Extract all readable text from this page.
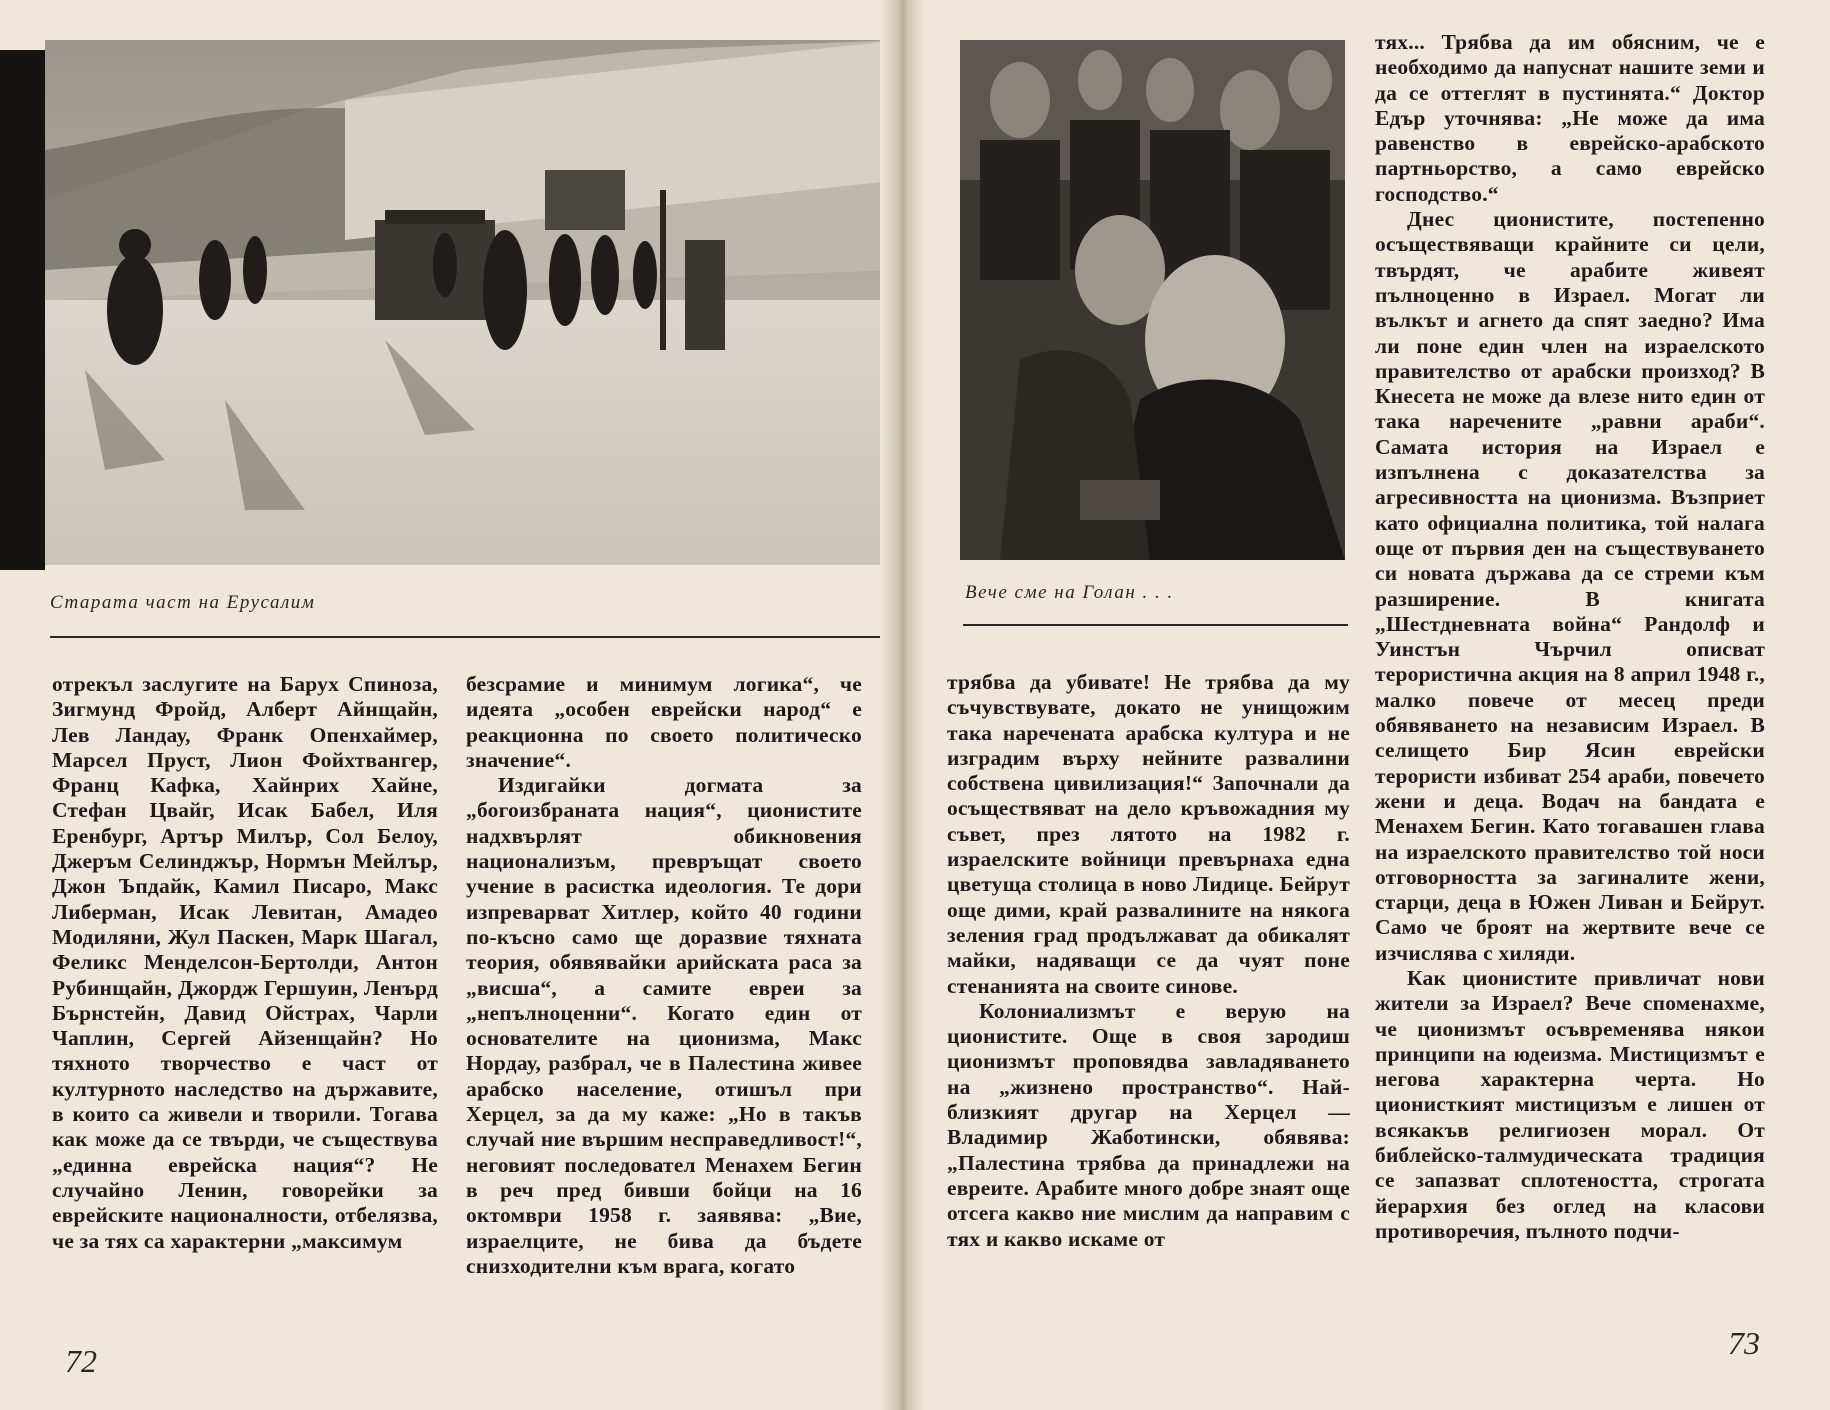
Старата част на Ерусалим

отрекъл заслугите на Барух Спиноза, Зигмунд Фройд, Алберт Айнщайн, Лев Ландау, Франк Опенхаймер, Марсел Пруст, Лион Фойхтвангер, Франц Кафка, Хайнрих Хайне, Стефан Цвайг, Исак Бабел, Иля Еренбург, Артър Милър, Сол Белоу, Джеръм Селинджър, Нормън Мейлър, Джон Ъпдайк, Камил Писаро, Макс Либерман, Исак Левитан, Амадео Модиляни, Жул Паскен, Марк Шагал, Феликс Менделсон-Бертолди, Антон Рубинщайн, Джордж Гершуин, Ленърд Бърнстейн, Давид Ойстрах, Чарли Чаплин, Сергей Айзенщайн? Но тяхното творчество е част от културното наследство на държавите, в които са живели и творили. Тогава как може да се твърди, че съществува „единна еврейска нация“? Не случайно Ленин, говорейки за еврейските националности, отбелязва, че за тях са характерни „максимум

безсрамие и минимум логика“, че идеята „особен еврейски народ“ е реакционна по своето политическо значение“.

Издигайки догмата за „богоизбраната нация“, ционистите надхвърлят обикновения национализъм, превръщат своето учение в расистка идеология. Те дори изпреварват Хитлер, който 40 години по-късно само ще доразвие тяхната теория, обявявайки арийската раса за „висша“, а самите евреи за „непълноценни“. Когато един от основателите на ционизма, Макс Нордау, разбрал, че в Палестина живее арабско население, отишъл при Херцел, за да му каже: „Но в такъв случай ние вършим несправедливост!“, неговият последовател Менахем Бегин в реч пред бивши бойци на 16 октомври 1958 г. заявява: „Вие, израелците, не бива да бъдете снизходителни към врага, когато

72
Вече сме на Голан . . .

трябва да убивате! Не трябва да му съчувствувате, докато не унищожим така наречената арабска култура и не изградим върху нейните развалини собствена цивилизация!“ Започнали да осъществяват на дело кръвожадния му съвет, през лятото на 1982 г. израелските войници превърнаха една цветуща столица в ново Лидице. Бейрут още дими, край развалините на някога зеления град продължават да обикалят майки, надяващи се да чуят поне стенанията на своите синове.

Колониализмът е верую на ционистите. Още в своя зародиш ционизмът проповядва завладяването на „жизнено пространство“. Най-близкият другар на Херцел — Владимир Жаботински, обявява: „Палестина трябва да принадлежи на евреите. Арабите много добре знаят още отсега какво ние мислим да направим с тях и какво искаме от

тях... Трябва да им обясним, че е необходимо да напуснат нашите земи и да се оттеглят в пустинята.“ Доктор Едър уточнява: „Не може да има равенство в еврейско-арабското партньорство, а само еврейско господство.“

Днес ционистите, постепенно осъществяващи крайните си цели, твърдят, че арабите живеят пълноценно в Израел. Могат ли вълкът и агнето да спят заедно? Има ли поне един член на израелското правителство от арабски произход? В Кнесета не може да влезе нито един от така наречените „равни араби“. Самата история на Израел е изпълнена с доказателства за агресивността на ционизма. Възприет като официална политика, той налага още от първия ден на съществуването си новата държава да се стреми към разширение. В книгата „Шестдневната война“ Рандолф и Уинстън Чърчил описват терористична акция на 8 април 1948 г., малко повече от месец преди обявяването на независим Израел. В селището Бир Ясин еврейски терористи избиват 254 араби, повечето жени и деца. Водач на бандата е Менахем Бегин. Като тогавашен глава на израелското правителство той носи отговорността за загиналите жени, старци, деца в Южен Ливан и Бейрут. Само че броят на жертвите вече се изчислява с хиляди.

Как ционистите привличат нови жители за Израел? Вече споменахме, че ционизмът осъвременява някои принципи на юдеизма. Мистицизмът е негова характерна черта. Но ционисткият мистицизъм е лишен от всякакъв религиозен морал. От библейско-талмудическата традиция се запазват сплотеността, строгата йерархия без оглед на класови противоречия, пълното подчи-

73
